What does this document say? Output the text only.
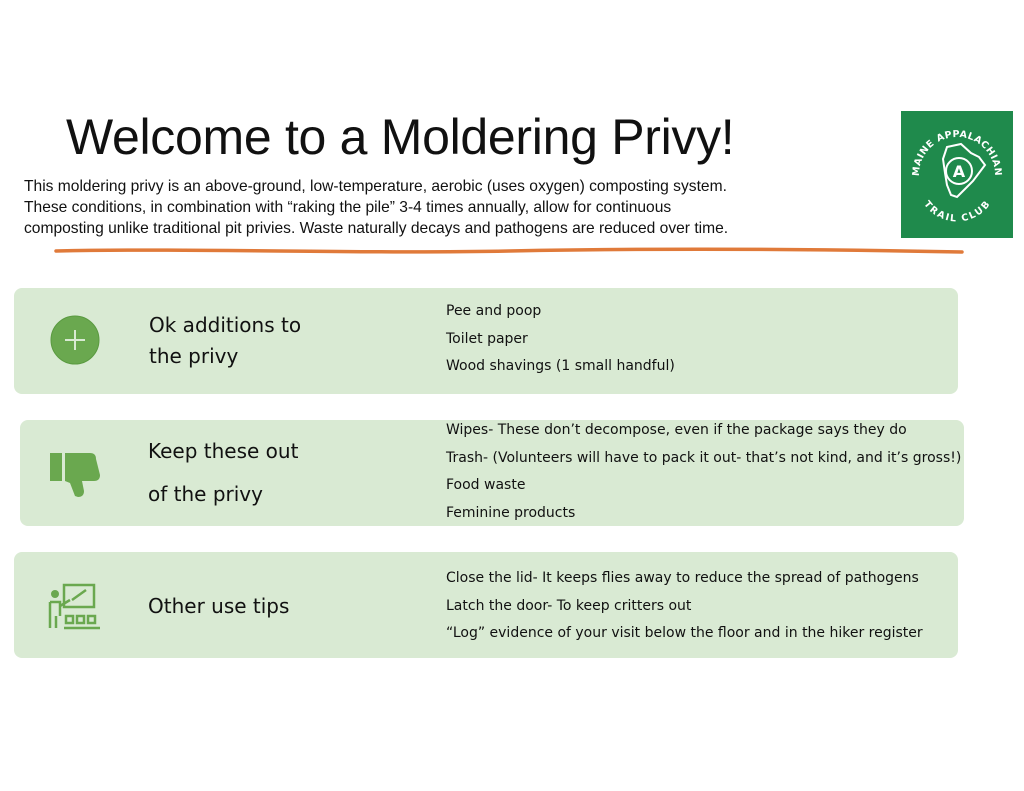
Welcome to a Moldering Privy!
This moldering privy is an above-ground, low-temperature, aerobic (uses oxygen) composting system.
These conditions, in combination with “raking the pile” 3-4 times annually, allow for continuous
composting unlike traditional pit privies. Waste naturally decays and pathogens are reduced over time.
A
MAINE APPALACHIAN
TRAIL CLUB
Ok additions to
the privy
Pee and poop
Toilet paper
Wood shavings (1 small handful)
Keep these out
of the privy
Wipes- These don’t decompose, even if the package says they do
Trash- (Volunteers will have to pack it out- that’s not kind, and it’s gross!)
Food waste
Feminine products
Other use tips
Close the lid- It keeps flies away to reduce the spread of pathogens
Latch the door- To keep critters out
“Log” evidence of your visit below the floor and in the hiker register
